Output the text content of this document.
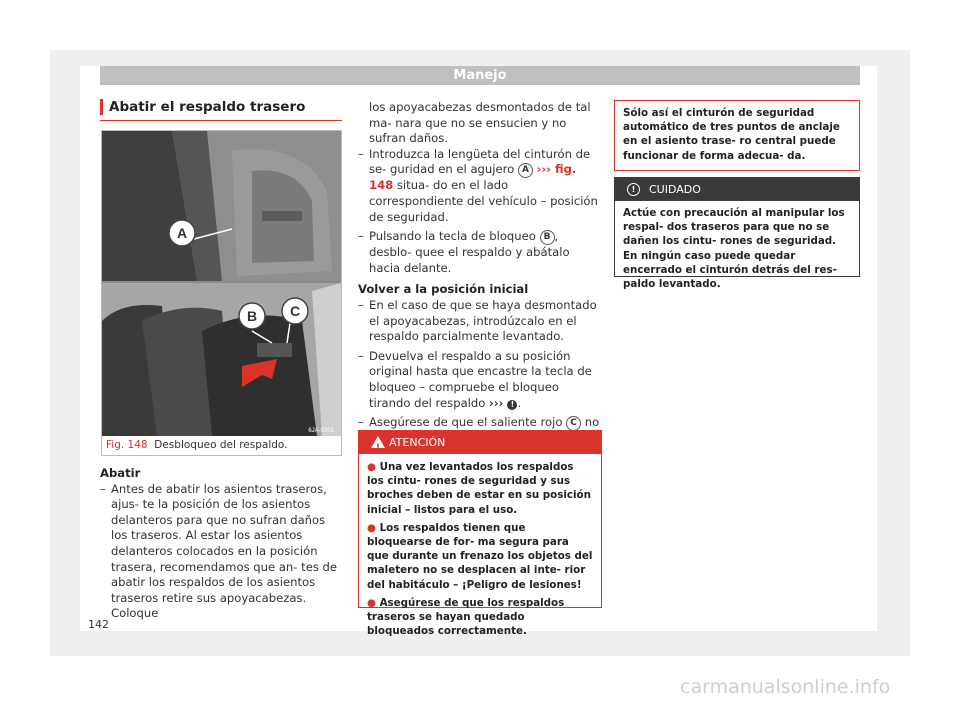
Manejo
Abatir el respaldo trasero
A
B C
6JA-0201
Fig. 148 Desbloqueo del respaldo.

Abatir

– Antes de abatir los asientos traseros, ajus- te la posición de los asientos delanteros para que no sufran daños los traseros. Al estar los asientos delanteros colocados en la posición trasera, recomendamos que an- tes de abatir los respaldos de los asientos traseros retire sus apoyacabezas. Coloque

los apoyacabezas desmontados de tal ma- nara que no se ensucien y no sufran daños.

– Introduzca la lengüeta del cinturón de se- guridad en el agujero A ››› fig. 148 situa- do en el lado correspondiente del vehículo – posición de seguridad.

– Pulsando la tecla de bloqueo B , desblo- quee el respaldo y abátalo hacia delante.

Volver a la posición inicial

– En el caso de que se haya desmontado el apoyacabezas, introdúzcalo en el respaldo parcialmente levantado.

– Devuelva el respaldo a su posición original hasta que encastre la tecla de bloqueo – compruebe el bloqueo tirando del respaldo ››› ! .

– Asegúrese de que el saliente rojo C no

!
ATENCIÓN

● Una vez levantados los respaldos los cintu- rones de seguridad y sus broches deben de estar en su posición inicial – listos para el uso.

● Los respaldos tienen que bloquearse de for- ma segura para que durante un frenazo los objetos del maletero no se desplacen al inte- rior del habitáculo – ¡Peligro de lesiones!

● Asegúrese de que los respaldos traseros se hayan quedado bloqueados correctamente.

Sólo así el cinturón de seguridad automático de tres puntos de anclaje en el asiento trase- ro central puede funcionar de forma adecua- da.
!	CUIDADO
Actúe con precaución al manipular los respal- dos traseros para que no se dañen los cintu- rones de seguridad. En ningún caso puede quedar encerrado el cinturón detrás del res- paldo levantado.
142
carmanualsonline.info
